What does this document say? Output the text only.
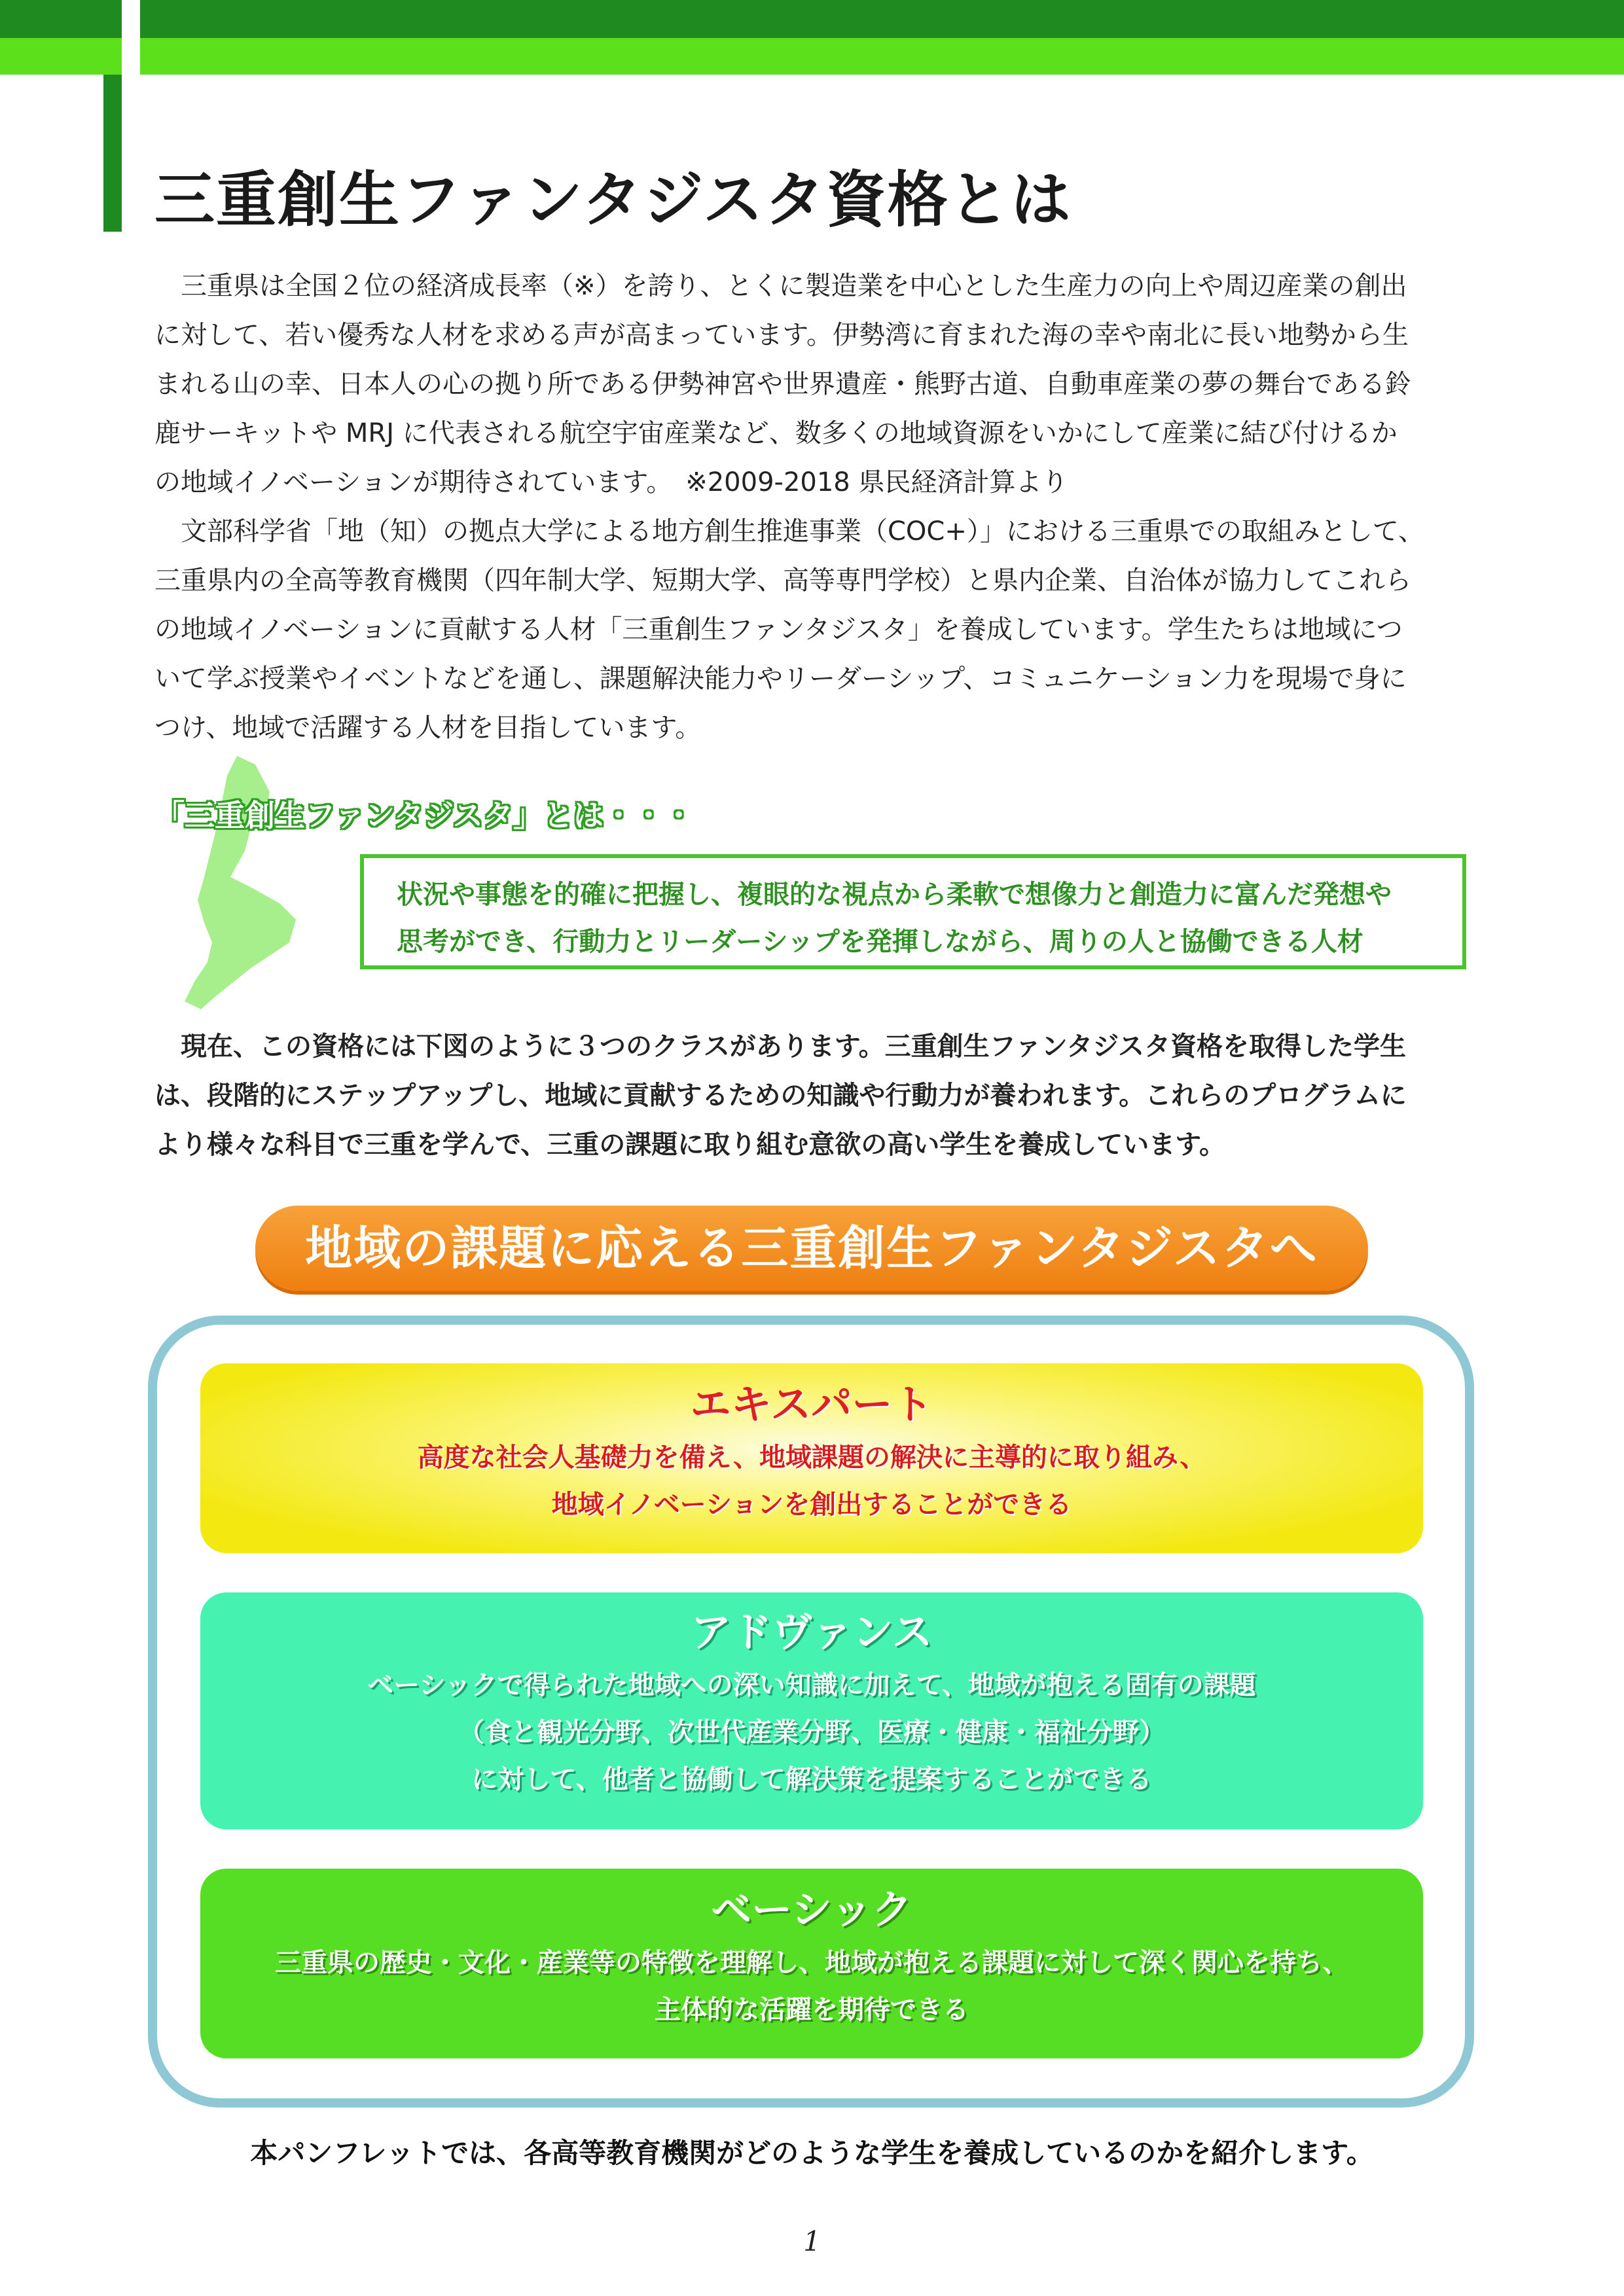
三重創生ファンタジスタ資格とは
　三重県は全国２位の経済成長率（※）を誇り、とくに製造業を中心とした生産力の向上や周辺産業の創出
に対して、若い優秀な人材を求める声が高まっています。伊勢湾に育まれた海の幸や南北に長い地勢から生
まれる山の幸、日本人の心の拠り所である伊勢神宮や世界遺産・熊野古道、自動車産業の夢の舞台である鈴
鹿サーキットや MRJ に代表される航空宇宙産業など、数多くの地域資源をいかにして産業に結び付けるか
の地域イノベーションが期待されています。　※2009-2018 県民経済計算より
　文部科学省「地（知）の拠点大学による地方創生推進事業（COC+）」における三重県での取組みとして、
三重県内の全高等教育機関（四年制大学、短期大学、高等専門学校）と県内企業、自治体が協力してこれら
の地域イノベーションに貢献する人材「三重創生ファンタジスタ」を養成しています。学生たちは地域につ
いて学ぶ授業やイベントなどを通し、課題解決能力やリーダーシップ、コミュニケーション力を現場で身に
つけ、地域で活躍する人材を目指しています。
「三重創生ファンタジスタ」とは・・・
状況や事態を的確に把握し、複眼的な視点から柔軟で想像力と創造力に富んだ発想や
思考ができ、行動力とリーダーシップを発揮しながら、周りの人と協働できる人材
　現在、この資格には下図のように３つのクラスがあります。三重創生ファンタジスタ資格を取得した学生
は、段階的にステップアップし、地域に貢献するための知識や行動力が養われます。これらのプログラムに
より様々な科目で三重を学んで、三重の課題に取り組む意欲の高い学生を養成しています。
地域の課題に応える三重創生ファンタジスタへ
エキスパート
高度な社会人基礎力を備え、地域課題の解決に主導的に取り組み、
地域イノベーションを創出することができる
アドヴァンス
ベーシックで得られた地域への深い知識に加えて、地域が抱える固有の課題
（食と観光分野、次世代産業分野、医療・健康・福祉分野）
に対して、他者と協働して解決策を提案することができる
ベーシック
三重県の歴史・文化・産業等の特徴を理解し、地域が抱える課題に対して深く関心を持ち、
主体的な活躍を期待できる
本パンフレットでは、各高等教育機関がどのような学生を養成しているのかを紹介します。
1
